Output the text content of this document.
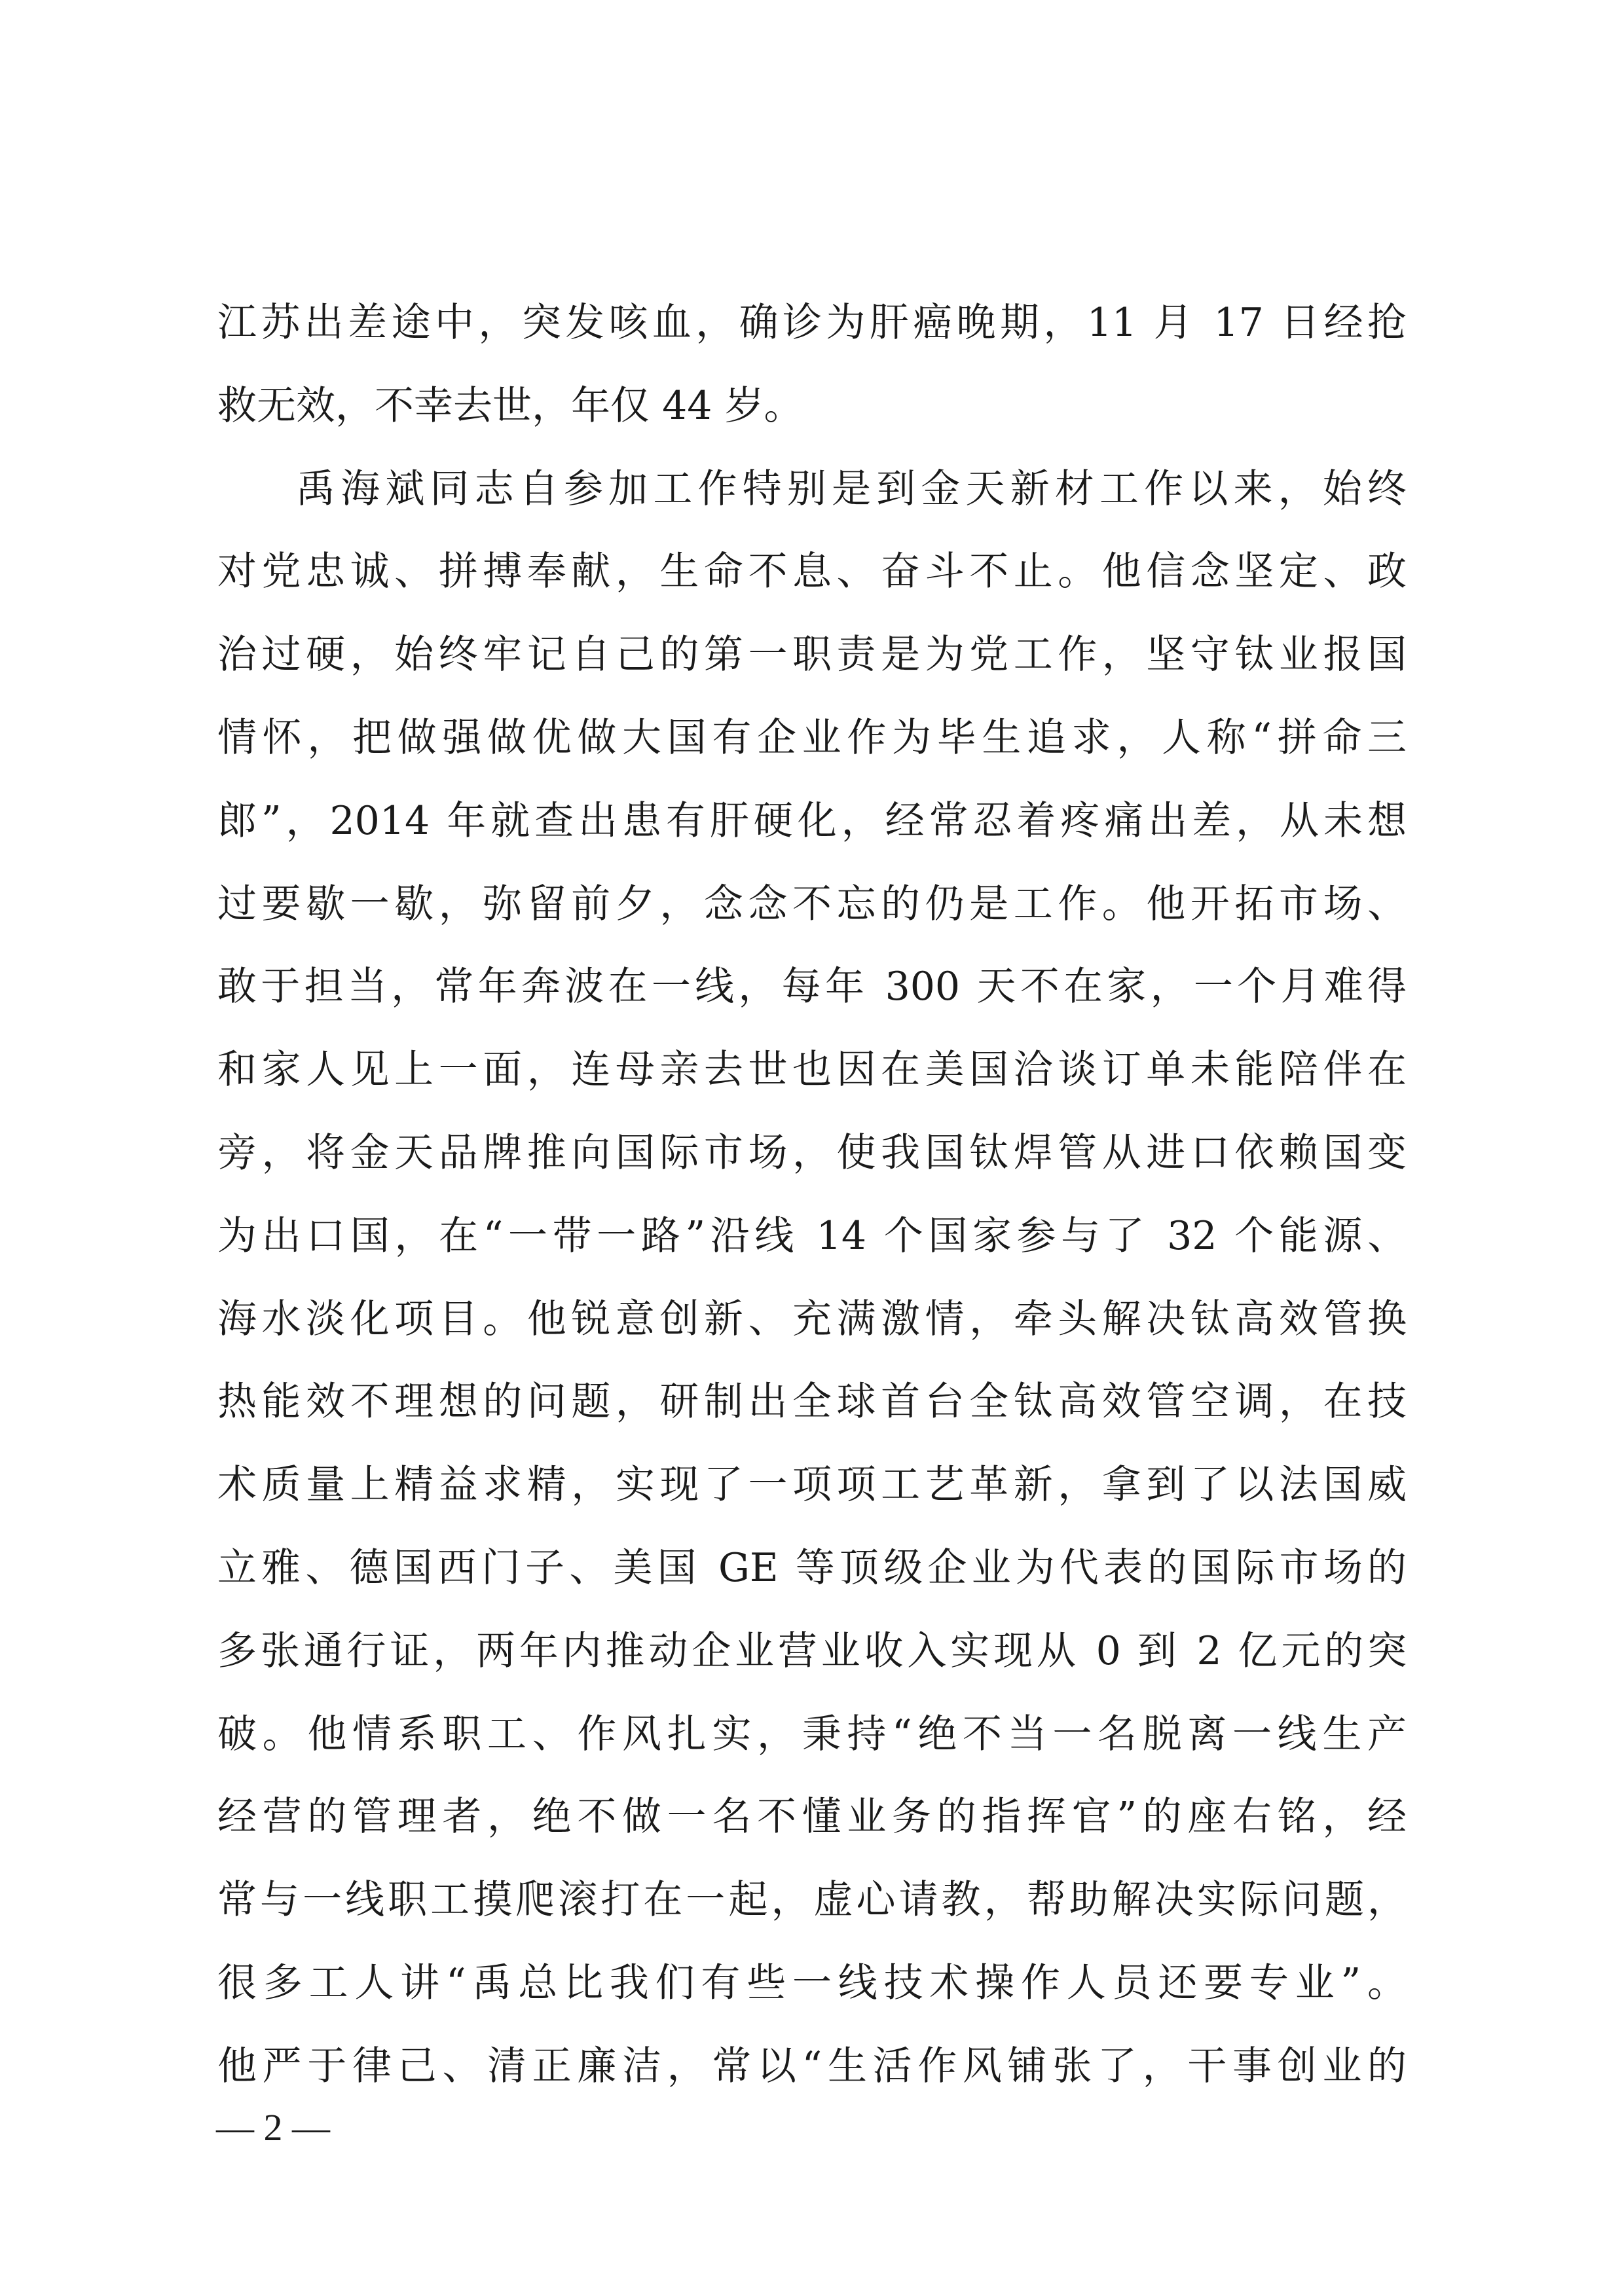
江苏出差途中，突发咳血，确诊为肝癌晚期，11 月 17 日经抢
救无效，不幸去世，年仅 44 岁。
禹海斌同志自参加工作特别是到金天新材工作以来，始终
对党忠诚、拼搏奉献，生命不息、奋斗不止。他信念坚定、政
治过硬，始终牢记自己的第一职责是为党工作，坚守钛业报国
情怀，把做强做优做大国有企业作为毕生追求，人称“拼命三
郎”，2014 年就查出患有肝硬化，经常忍着疼痛出差，从未想
过要歇一歇，弥留前夕，念念不忘的仍是工作。他开拓市场、
敢于担当，常年奔波在一线，每年 300 天不在家，一个月难得
和家人见上一面，连母亲去世也因在美国洽谈订单未能陪伴在
旁，将金天品牌推向国际市场，使我国钛焊管从进口依赖国变
为出口国，在“一带一路”沿线 14 个国家参与了 32 个能源、
海水淡化项目。他锐意创新、充满激情，牵头解决钛高效管换
热能效不理想的问题，研制出全球首台全钛高效管空调，在技
术质量上精益求精，实现了一项项工艺革新，拿到了以法国威
立雅、德国西门子、美国 GE 等顶级企业为代表的国际市场的
多张通行证，两年内推动企业营业收入实现从 0 到 2 亿元的突
破。他情系职工、作风扎实，秉持“绝不当一名脱离一线生产
经营的管理者，绝不做一名不懂业务的指挥官”的座右铭，经
常与一线职工摸爬滚打在一起，虚心请教，帮助解决实际问题，
很多工人讲“禹总比我们有些一线技术操作人员还要专业”。
他严于律己、清正廉洁，常以“生活作风铺张了，干事创业的
— 2 —
